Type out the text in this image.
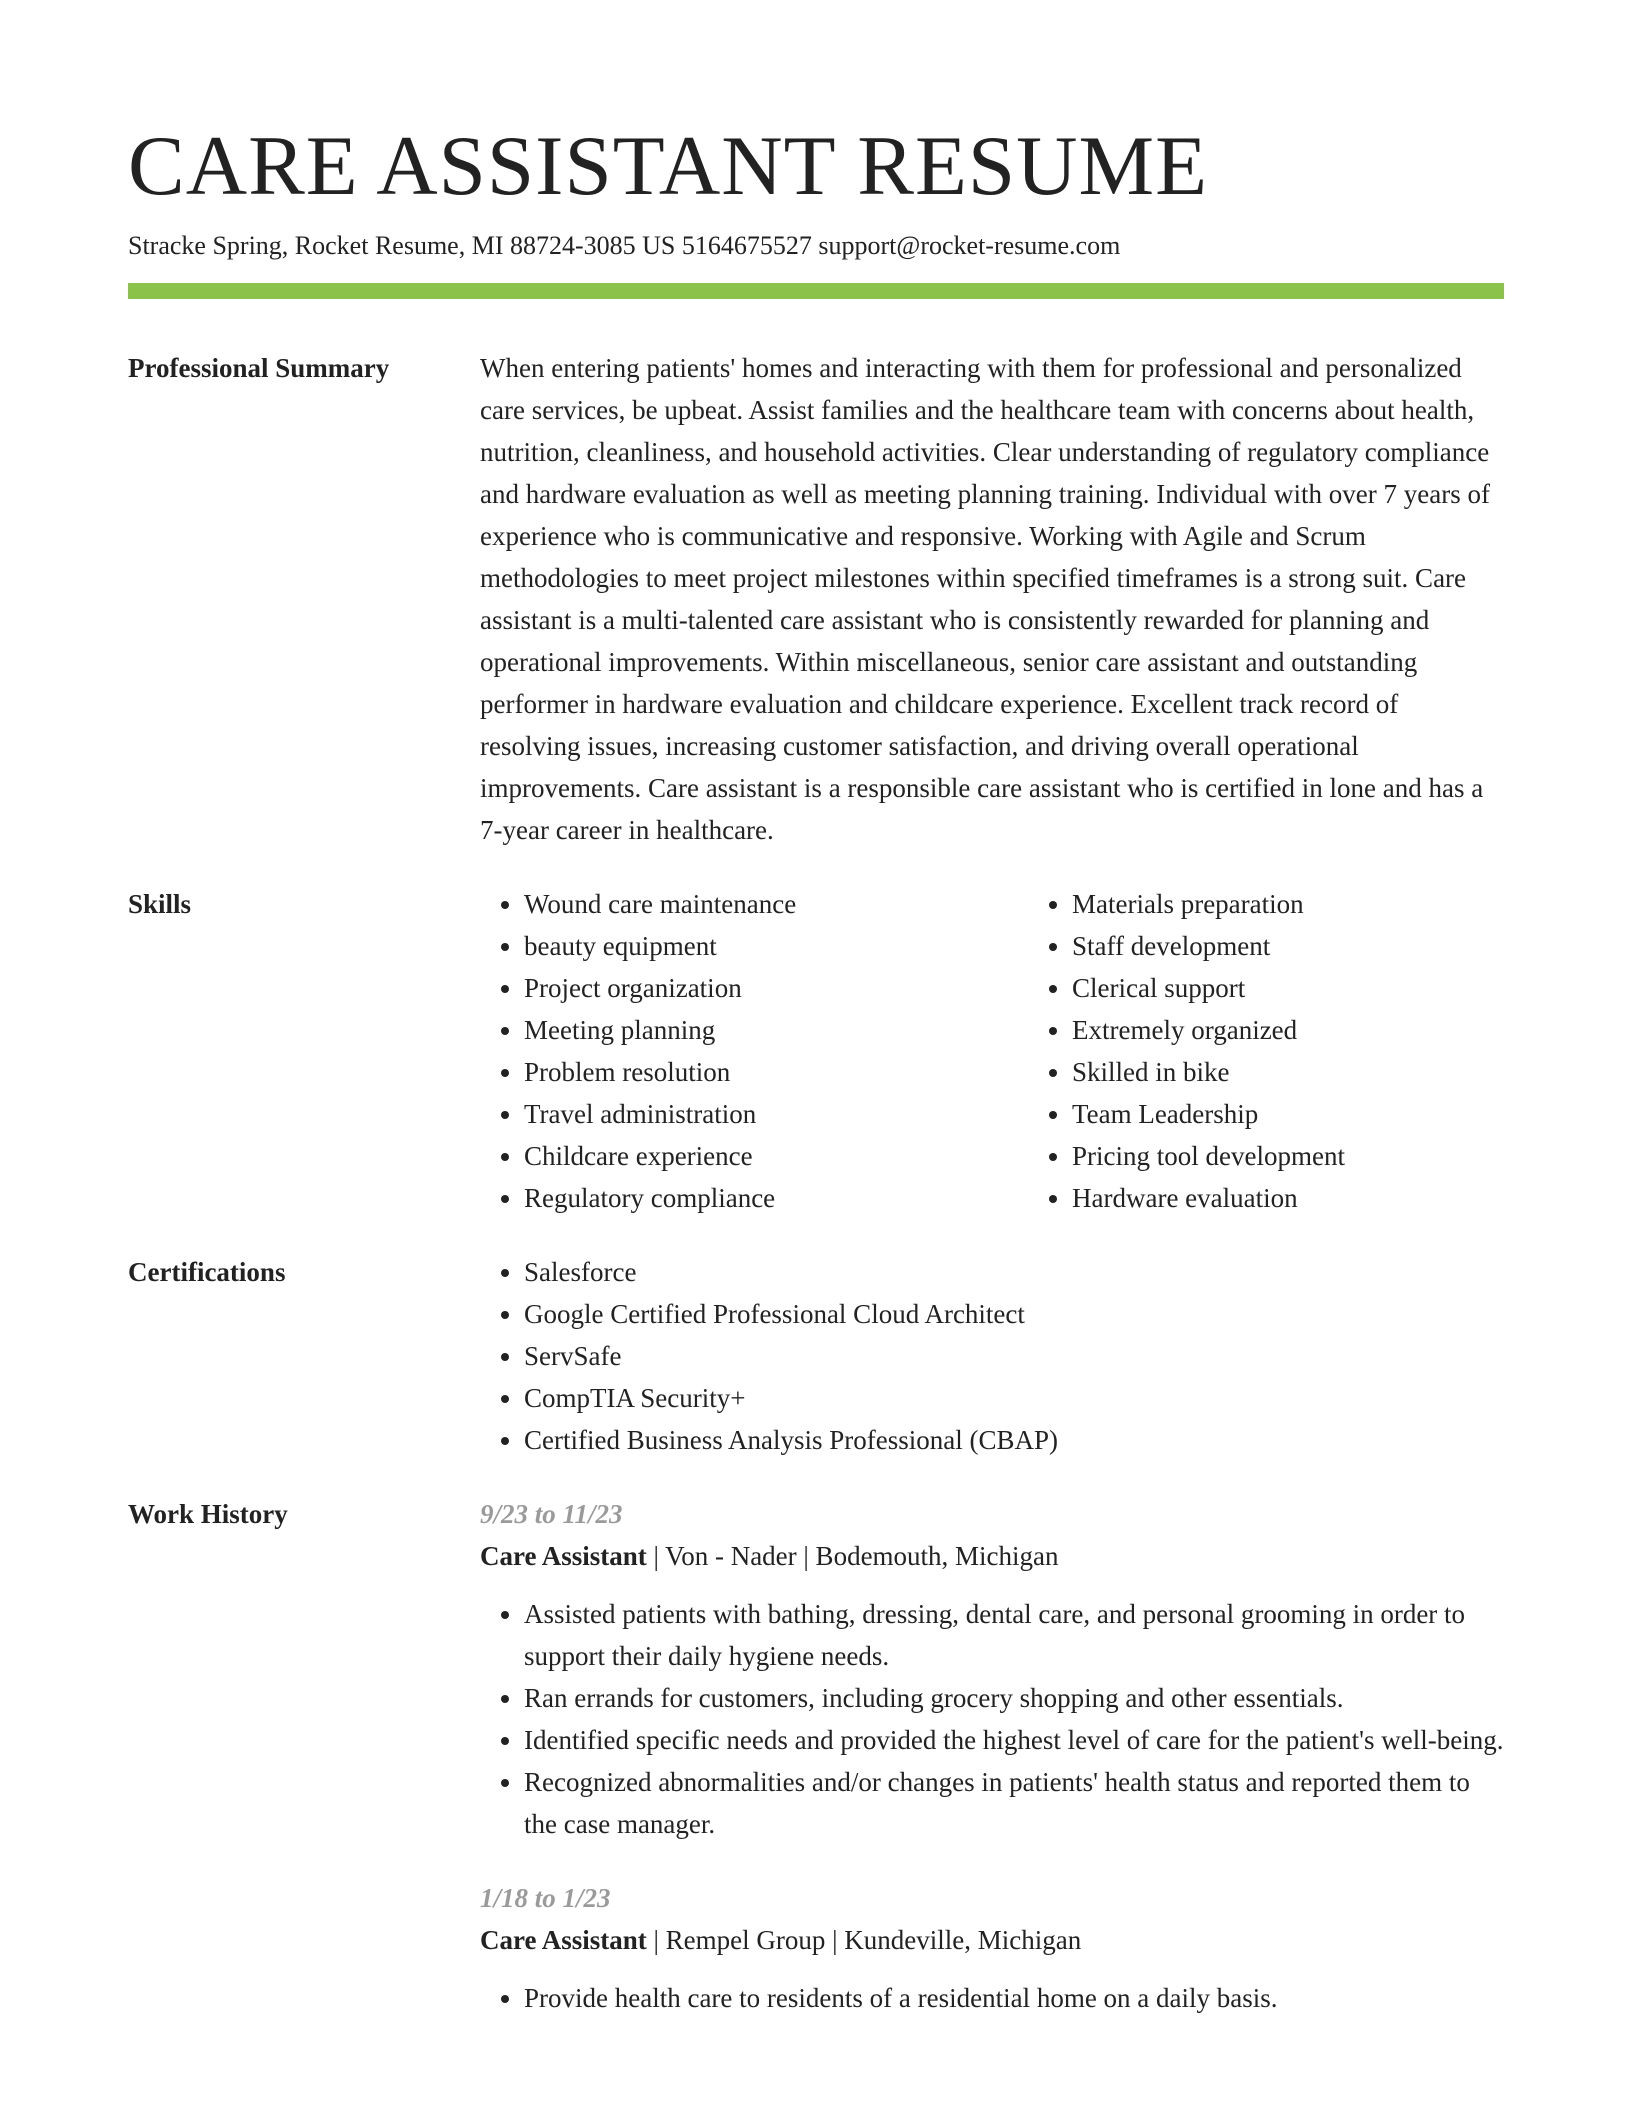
CARE ASSISTANT RESUME
Stracke Spring, Rocket Resume, MI 88724-3085 US 5164675527 support@rocket-resume.com
Professional Summary	When entering patients' homes and interacting with them for professional and personalized care services, be upbeat. Assist families and the healthcare team with concerns about health, nutrition, cleanliness, and household activities. Clear understanding of regulatory compliance and hardware evaluation as well as meeting planning training. Individual with over 7 years of experience who is communicative and responsive. Working with Agile and Scrum methodologies to meet project milestones within specified timeframes is a strong suit. Care assistant is a multi-talented care assistant who is consistently rewarded for planning and operational improvements. Within miscellaneous, senior care assistant and outstanding performer in hardware evaluation and childcare experience. Excellent track record of resolving issues, increasing customer satisfaction, and driving overall operational improvements. Care assistant is a responsible care assistant who is certified in lone and has a 7-year career in healthcare.

Skills	• Wound care maintenance
• beauty equipment
• Project organization
• Meeting planning
• Problem resolution
• Travel administration
• Childcare experience
• Regulatory compliance
• Materials preparation
• Staff development
• Clerical support
• Extremely organized
• Skilled in bike
• Team Leadership
• Pricing tool development
• Hardware evaluation
Certifications	• Salesforce
• Google Certified Professional Cloud Architect
• ServSafe
• CompTIA Security+
• Certified Business Analysis Professional (CBAP)
Work History	9/23 to 11/23

Care Assistant | Von - Nader | Bodemouth, Michigan

• Assisted patients with bathing, dressing, dental care, and personal grooming in order to support their daily hygiene needs.
• Ran errands for customers, including grocery shopping and other essentials.
• Identified specific needs and provided the highest level of care for the patient's well-being.
• Recognized abnormalities and/or changes in patients' health status and reported them to the case manager.
1/18 to 1/23

Care Assistant | Rempel Group | Kundeville, Michigan

• Provide health care to residents of a residential home on a daily basis.
